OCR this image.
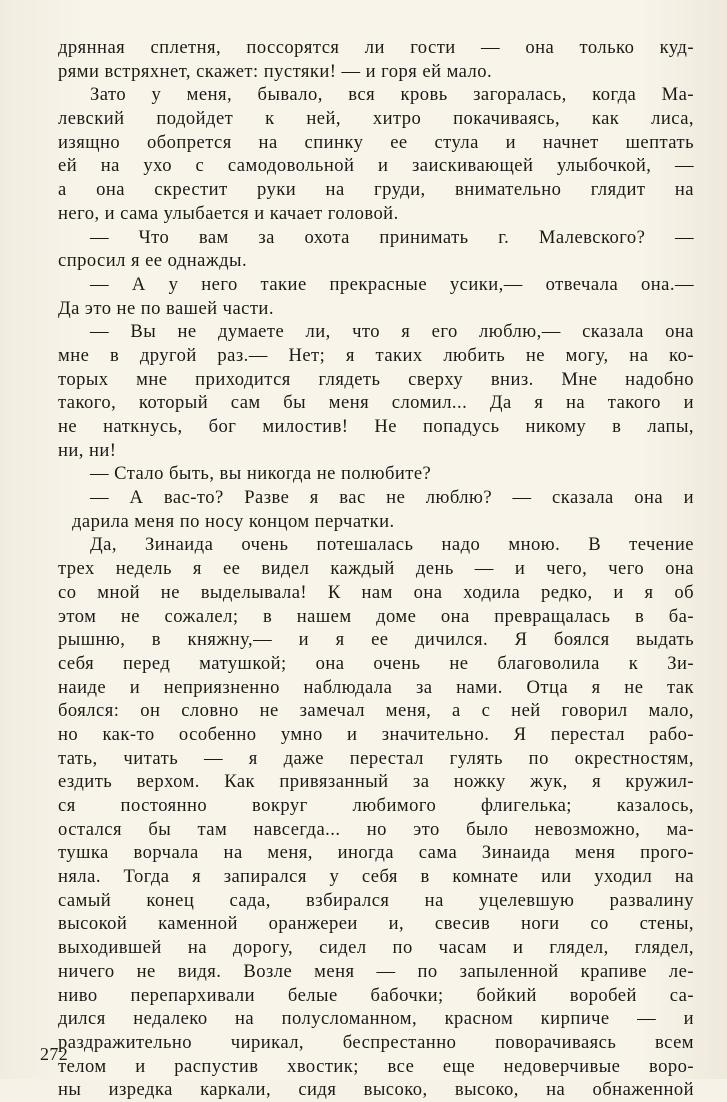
дрянная сплетня, поссорятся ли гости — она только куд-
рями встряхнет, скажет: пустяки! — и горя ей мало.
Зато у меня, бывало, вся кровь загоралась, когда Ма-
левский подойдет к ней, хитро покачиваясь, как лиса,
изящно обопрется на спинку ее стула и начнет шептать
ей на ухо с самодовольной и заискивающей улыбочкой, —
а она скрестит руки на груди, внимательно глядит на
него, и сама улыбается и качает головой.
— Что вам за охота принимать г. Малевского? —
спросил я ее однажды.
— А у него такие прекрасные усики,— отвечала она.—
Да это не по вашей части.
— Вы не думаете ли, что я его люблю,— сказала она
мне в другой раз.— Нет; я таких любить не могу, на ко-
торых мне приходится глядеть сверху вниз. Мне надобно
такого, который сам бы меня сломил... Да я на такого и
не наткнусь, бог милостив! Не попадусь никому в лапы,
ни, ни!
— Стало быть, вы никогда не полюбите?
— А вас-то? Разве я вас не люблю? — сказала она и
дарила меня по носу концом перчатки.
Да, Зинаида очень потешалась надо мною. В течение
трех недель я ее видел каждый день — и чего, чего она
со мной не выделывала! К нам она ходила редко, и я об
этом не сожалел; в нашем доме она превращалась в ба-
рышню, в княжну,— и я ее дичился. Я боялся выдать
себя перед матушкой; она очень не благоволила к Зи-
наиде и неприязненно наблюдала за нами. Отца я не так
боялся: он словно не замечал меня, а с ней говорил мало,
но как-то особенно умно и значительно. Я перестал рабо-
тать, читать — я даже перестал гулять по окрестностям,
ездить верхом. Как привязанный за ножку жук, я кружил-
ся постоянно вокруг любимого флигелька; казалось,
остался бы там навсегда... но это было невозможно, ма-
тушка ворчала на меня, иногда сама Зинаида меня прого-
няла. Тогда я запирался у себя в комнате или уходил на
самый конец сада, взбирался на уцелевшую развалину
высокой каменной оранжереи и, свесив ноги со стены,
выходившей на дорогу, сидел по часам и глядел, глядел,
ничего не видя. Возле меня — по запыленной крапиве ле-
ниво перепархивали белые бабочки; бойкий воробей са-
дился недалеко на полусломанном, красном кирпиче — и
раздражительно чирикал, беспрестанно поворачиваясь всем
телом и распустив хвостик; все еще недоверчивые воро-
ны изредка каркали, сидя высоко, высоко, на обнаженной
272
